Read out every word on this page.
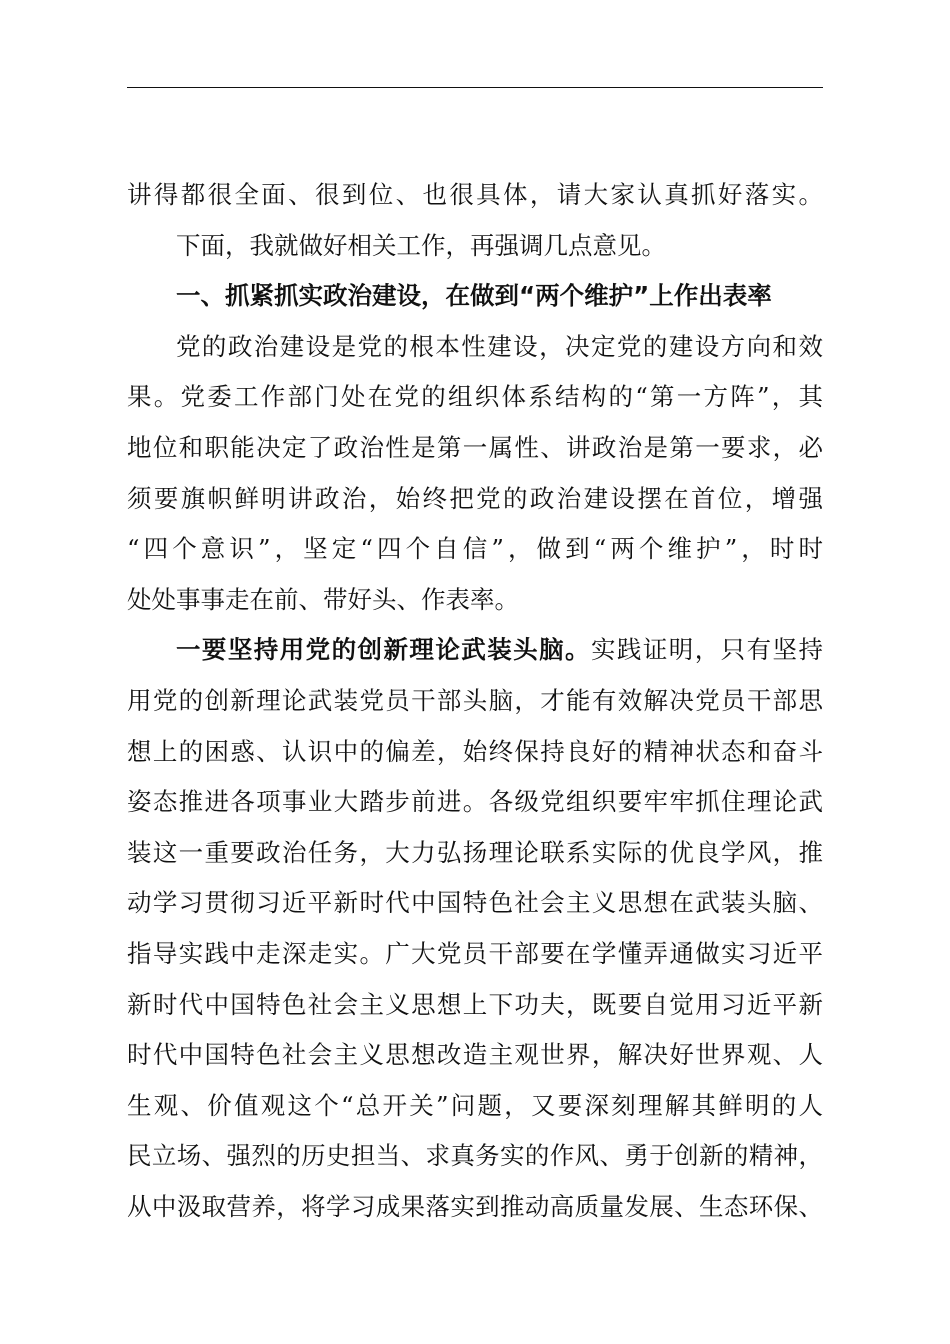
讲得都很全面、很到位、也很具体，请大家认真抓好落实。
下面，我就做好相关工作，再强调几点意见。
一、抓紧抓实政治建设，在做到“两个维护”上作出表率
党的政治建设是党的根本性建设，决定党的建设方向和效
果。党委工作部门处在党的组织体系结构的“第一方阵”，其
地位和职能决定了政治性是第一属性、讲政治是第一要求，必
须要旗帜鲜明讲政治，始终把党的政治建设摆在首位，增强
“四个意识”，坚定“四个自信”，做到“两个维护”，时时
处处事事走在前、带好头、作表率。
一要坚持用党的创新理论武装头脑。实践证明，只有坚持
用党的创新理论武装党员干部头脑，才能有效解决党员干部思
想上的困惑、认识中的偏差，始终保持良好的精神状态和奋斗
姿态推进各项事业大踏步前进。各级党组织要牢牢抓住理论武
装这一重要政治任务，大力弘扬理论联系实际的优良学风，推
动学习贯彻习近平新时代中国特色社会主义思想在武装头脑、
指导实践中走深走实。广大党员干部要在学懂弄通做实习近平
新时代中国特色社会主义思想上下功夫，既要自觉用习近平新
时代中国特色社会主义思想改造主观世界，解决好世界观、人
生观、价值观这个“总开关”问题，又要深刻理解其鲜明的人
民立场、强烈的历史担当、求真务实的作风、勇于创新的精神，
从中汲取营养，将学习成果落实到推动高质量发展、生态环保、
